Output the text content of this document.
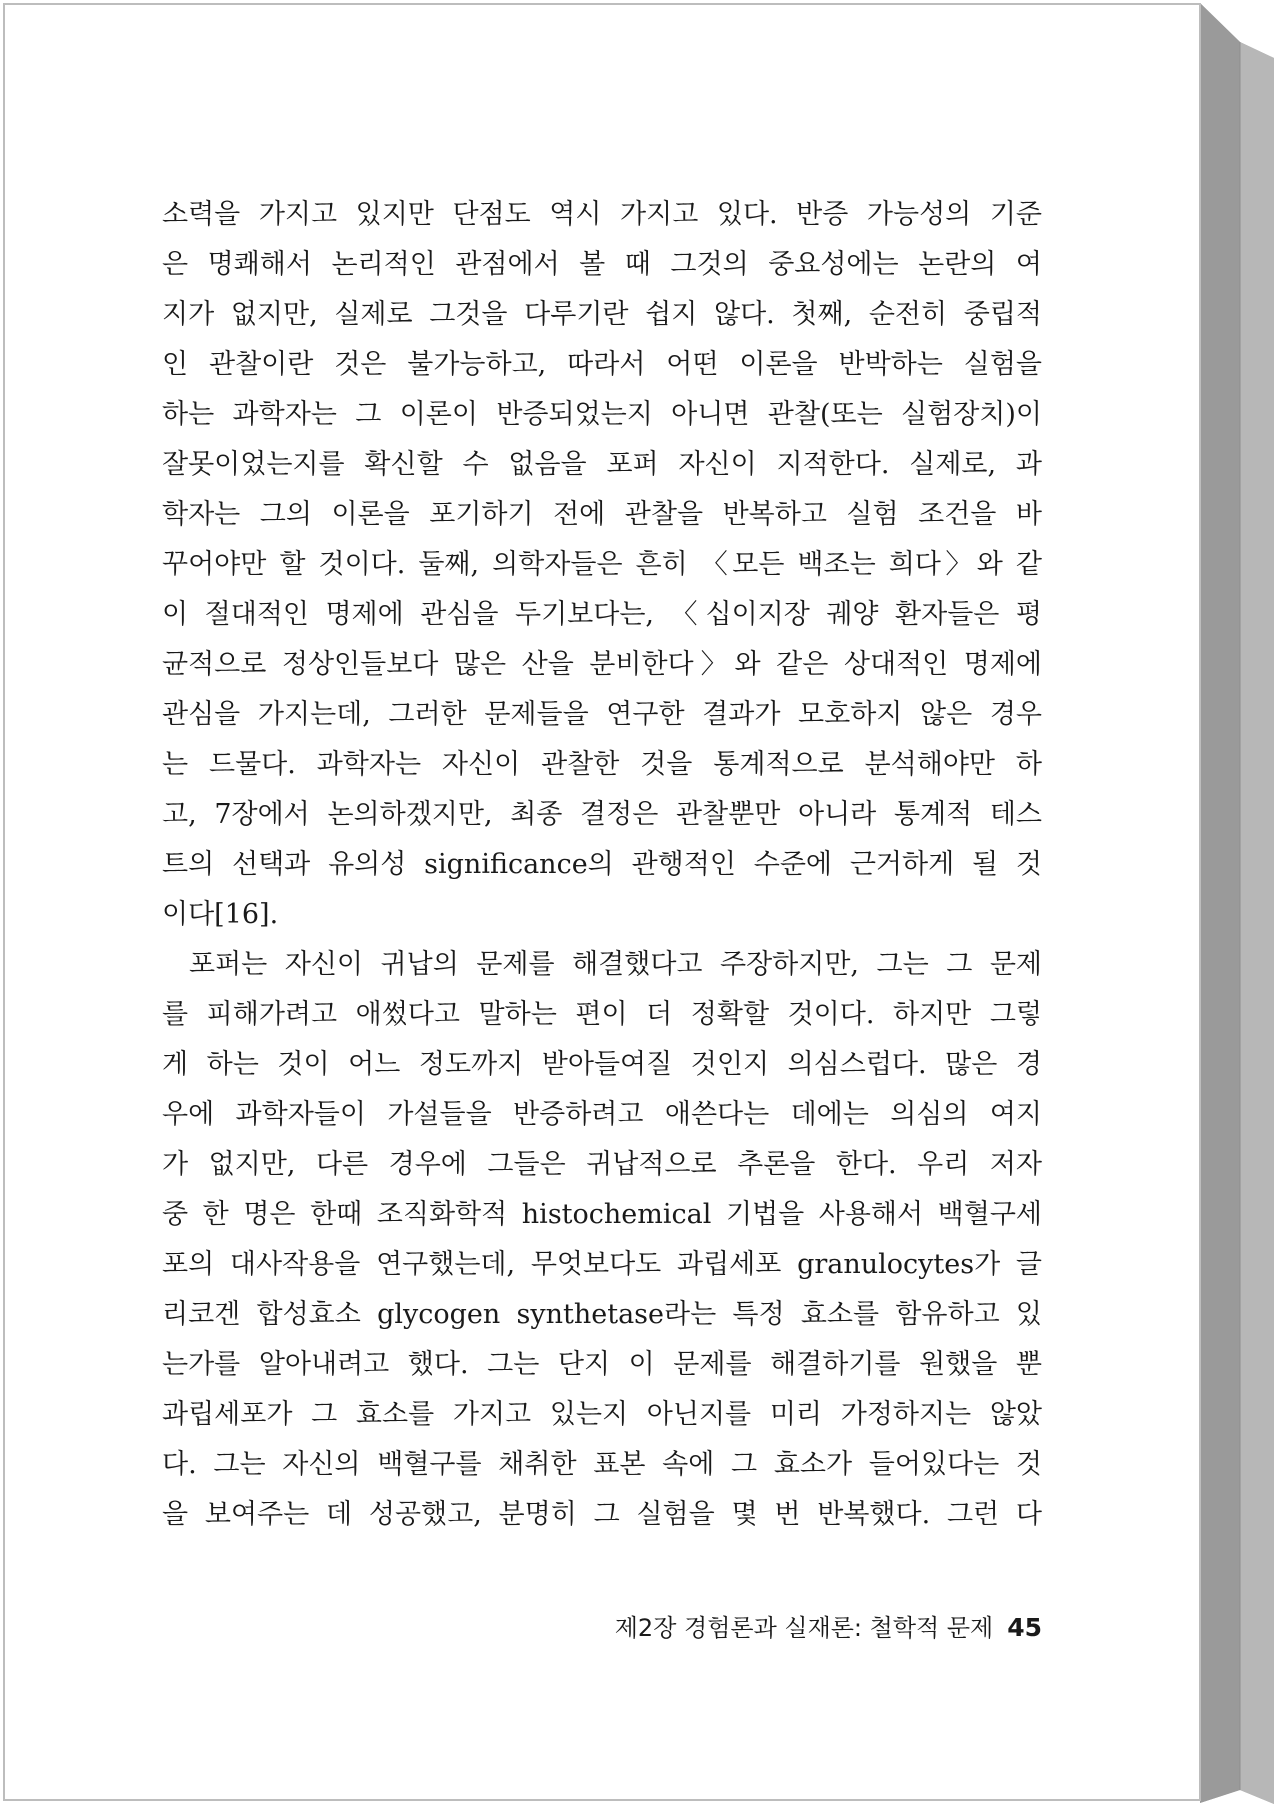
소력을 가지고 있지만 단점도 역시 가지고 있다. 반증 가능성의 기준
은 명쾌해서 논리적인 관점에서 볼 때 그것의 중요성에는 논란의 여
지가 없지만, 실제로 그것을 다루기란 쉽지 않다. 첫째, 순전히 중립적
인 관찰이란 것은 불가능하고, 따라서 어떤 이론을 반박하는 실험을
하는 과학자는 그 이론이 반증되었는지 아니면 관찰(또는 실험장치)이
잘못이었는지를 확신할 수 없음을 포퍼 자신이 지적한다. 실제로, 과
학자는 그의 이론을 포기하기 전에 관찰을 반복하고 실험 조건을 바
꾸어야만 할 것이다. 둘째, 의학자들은 흔히 〈모든 백조는 희다〉와 같
이 절대적인 명제에 관심을 두기보다는, 〈십이지장 궤양 환자들은 평
균적으로 정상인들보다 많은 산을 분비한다〉와 같은 상대적인 명제에
관심을 가지는데, 그러한 문제들을 연구한 결과가 모호하지 않은 경우
는 드물다. 과학자는 자신이 관찰한 것을 통계적으로 분석해야만 하
고, 7장에서 논의하겠지만, 최종 결정은 관찰뿐만 아니라 통계적 테스
트의 선택과 유의성 significance의 관행적인 수준에 근거하게 될 것
이다[16].
포퍼는 자신이 귀납의 문제를 해결했다고 주장하지만, 그는 그 문제
를 피해가려고 애썼다고 말하는 편이 더 정확할 것이다. 하지만 그렇
게 하는 것이 어느 정도까지 받아들여질 것인지 의심스럽다. 많은 경
우에 과학자들이 가설들을 반증하려고 애쓴다는 데에는 의심의 여지
가 없지만, 다른 경우에 그들은 귀납적으로 추론을 한다. 우리 저자
중 한 명은 한때 조직화학적 histochemical 기법을 사용해서 백혈구세
포의 대사작용을 연구했는데, 무엇보다도 과립세포 granulocytes가 글
리코겐 합성효소 glycogen synthetase라는 특정 효소를 함유하고 있
는가를 알아내려고 했다. 그는 단지 이 문제를 해결하기를 원했을 뿐
과립세포가 그 효소를 가지고 있는지 아닌지를 미리 가정하지는 않았
다. 그는 자신의 백혈구를 채취한 표본 속에 그 효소가 들어있다는 것
을 보여주는 데 성공했고, 분명히 그 실험을 몇 번 반복했다. 그런 다
제2장 경험론과 실재론: 철학적 문제 45
